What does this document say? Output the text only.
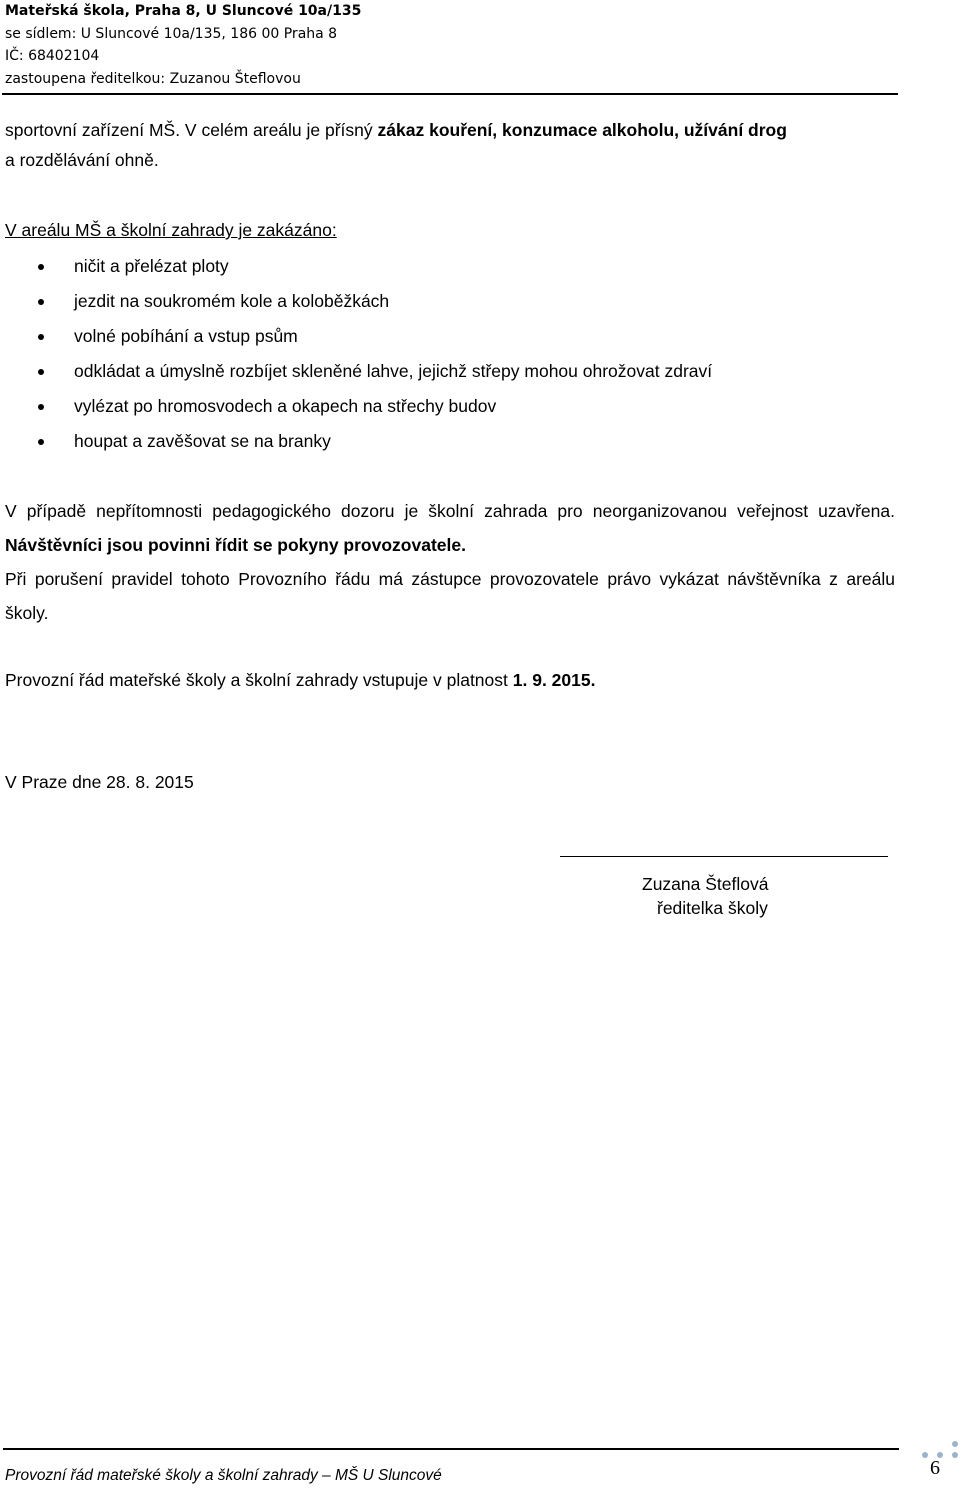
Mateřská škola, Praha 8, U Sluncové 10a/135
se sídlem: U Sluncové 10a/135, 186 00 Praha 8
IČ: 68402104
zastoupena ředitelkou: Zuzanou Šteflovou
sportovní zařízení MŠ. V celém areálu je přísný zákaz kouření, konzumace alkoholu, užívání drog
a rozdělávání ohně.
V areálu MŠ a školní zahrady je zakázáno:
ničit a přelézat ploty
jezdit na soukromém kole a koloběžkách
volné pobíhání a vstup psům
odkládat a úmyslně rozbíjet skleněné lahve, jejichž střepy mohou ohrožovat zdraví
vylézat po hromosvodech a okapech na střechy budov
houpat a zavěšovat se na branky
V případě nepřítomnosti pedagogického dozoru je školní zahrada pro neorganizovanou veřejnost uzavřena. Návštěvníci jsou povinni řídit se pokyny provozovatele.
Při porušení pravidel tohoto Provozního řádu má zástupce provozovatele právo vykázat návštěvníka z areálu školy.
Provozní řád mateřské školy a školní zahrady vstupuje v platnost 1. 9. 2015.
V Praze dne 28. 8. 2015
Zuzana Šteflová
ředitelka školy
Provozní řád mateřské školy a školní zahrady – MŠ U Sluncové	6
